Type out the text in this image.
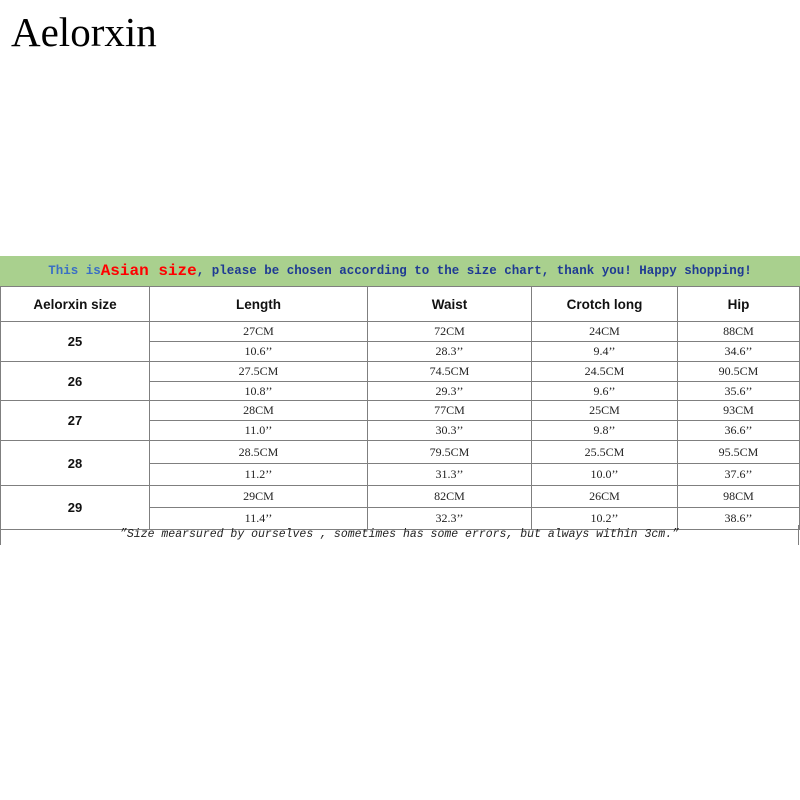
Aelorxin
This is Asian size , please be chosen according to the size chart, thank you! Happy shopping!
Aelorxin size	Length	Waist	Crotch long	Hip
25	27CM	72CM	24CM	88CM
	10.6’’	28.3’’	9.4’’	34.6’’
26	27.5CM	74.5CM	24.5CM	90.5CM
	10.8’’	29.3’’	9.6’’	35.6’’
27	28CM	77CM	25CM	93CM
	11.0’’	30.3’’	9.8’’	36.6’’
28	28.5CM	79.5CM	25.5CM	95.5CM
	11.2’’	31.3’’	10.0’’	37.6’’
29	29CM	82CM	26CM	98CM
	11.4’’	32.3’’	10.2’’	38.6’’
”Size mearsured by ourselves , sometimes has some errors, but always within 3cm.”
